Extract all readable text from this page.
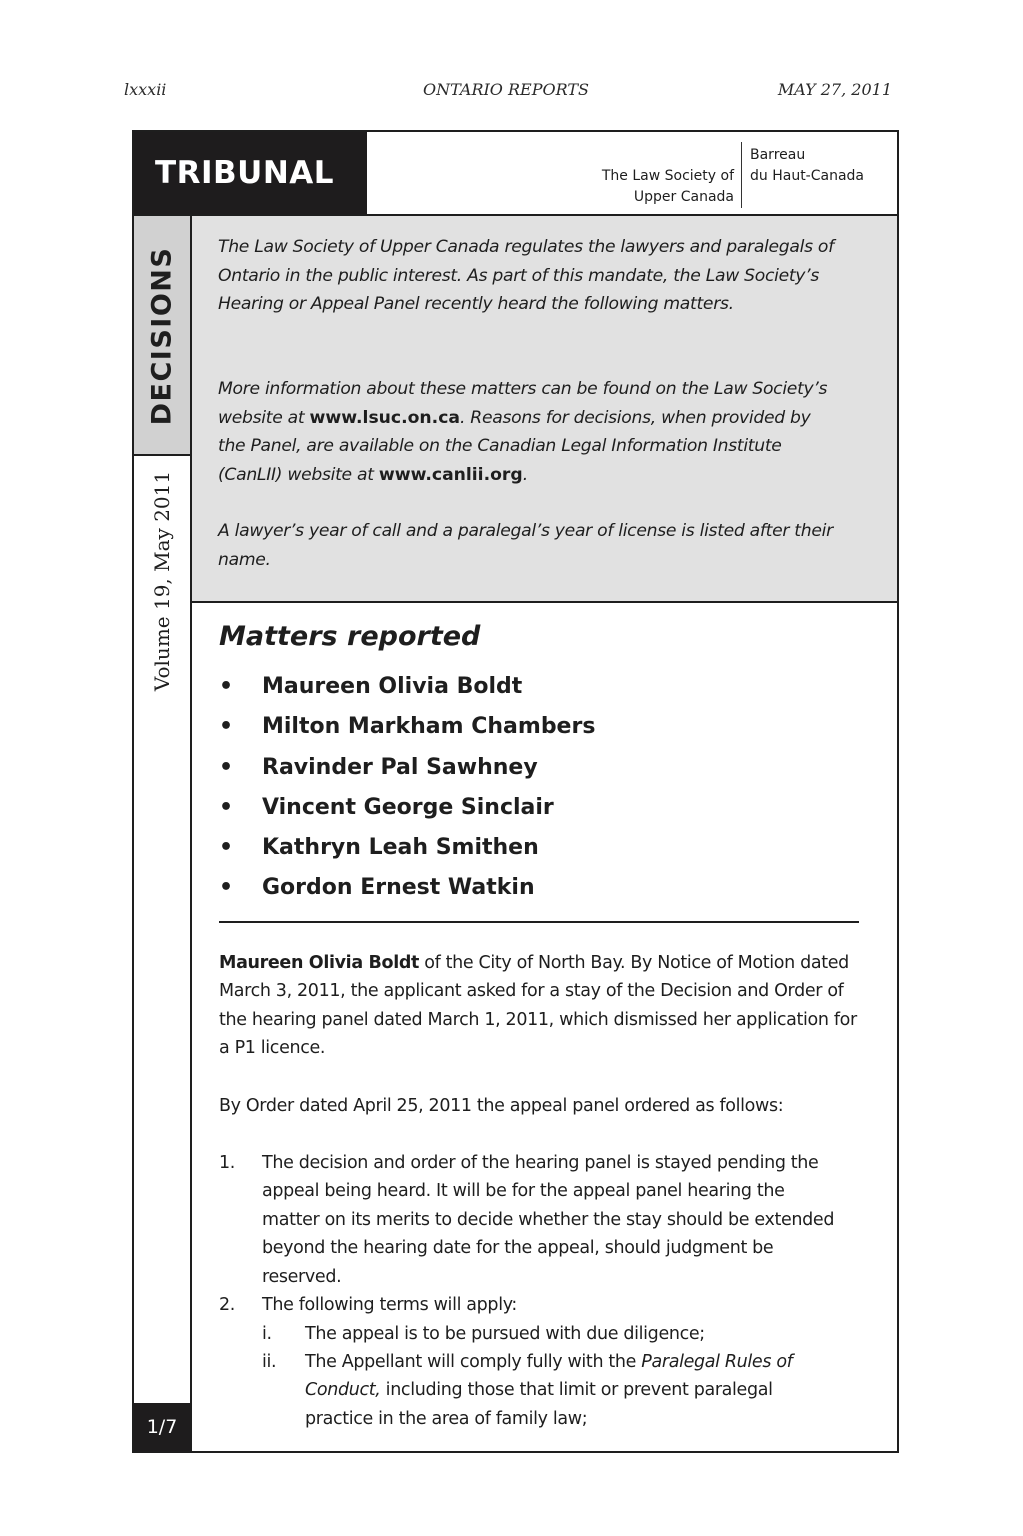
lxxxii	ONTARIO REPORTS	MAY 27, 2011
TRIBUNAL	The Law Society of
Upper Canada
Barreau
du Haut-Canada
DECISIONS
Volume 19, May 2011
1/7

The Law Society of Upper Canada regulates the lawyers and paralegals of Ontario in the public interest. As part of this mandate, the Law Society’s Hearing or Appeal Panel recently heard the following matters.

More information about these matters can be found on the Law Society’s website at www.lsuc.on.ca. Reasons for decisions, when provided by the Panel, are available on the Canadian Legal Information Institute (CanLII) website at www.canlii.org.

A lawyer’s year of call and a paralegal’s year of license is listed after their name.

Matters reported
• Maureen Olivia Boldt
• Milton Markham Chambers
• Ravinder Pal Sawhney
• Vincent George Sinclair
• Kathryn Leah Smithen
• Gordon Ernest Watkin

Maureen Olivia Boldt of the City of North Bay. By Notice of Motion dated March 3, 2011, the applicant asked for a stay of the Decision and Order of the hearing panel dated March 1, 2011, which dismissed her application for a P1 licence.

By Order dated April 25, 2011 the appeal panel ordered as follows:

1.	The decision and order of the hearing panel is stayed pending the appeal being heard. It will be for the appeal panel hearing the matter on its merits to decide whether the stay should be extended beyond the hearing date for the appeal, should judgment be reserved.
2.	The following terms will apply:
i.	The appeal is to be pursued with due diligence;
ii.	The Appellant will comply fully with the Paralegal Rules of Conduct, including those that limit or prevent paralegal practice in the area of family law;
